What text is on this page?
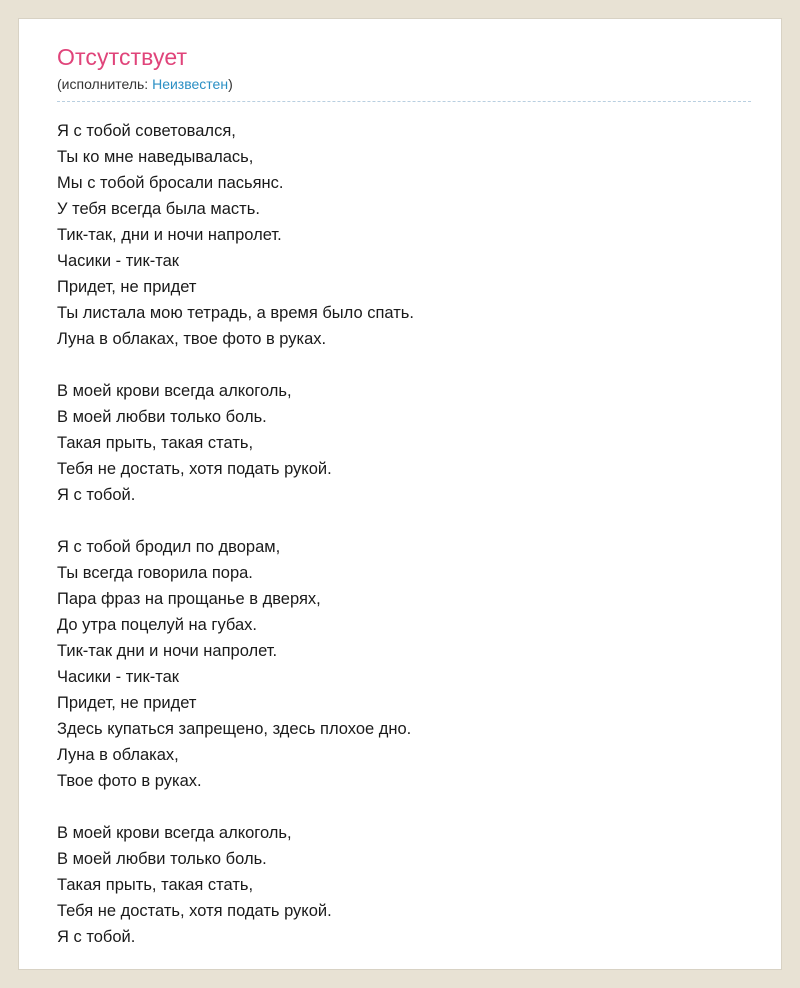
Отсутствует
(исполнитель: Неизвестен)

Я с тобой советовался,
Ты ко мне наведывалась,
Мы с тобой бросали пасьянс.
У тебя всегда была масть.
Тик-так, дни и ночи напролет.
Часики - тик-так
Придет, не придет
Ты листала мою тетрадь, а время было спать.
Луна в облаках, твое фото в руках.

В моей крови всегда алкоголь,
В моей любви только боль.
Такая прыть, такая стать,
Тебя не достать, хотя подать рукой.
Я с тобой.

Я с тобой бродил по дворам,
Ты всегда говорила пора.
Пара фраз на прощанье в дверях,
До утра поцелуй на губах.
Тик-так дни и ночи напролет.
Часики - тик-так
Придет, не придет
Здесь купаться запрещено, здесь плохое дно.
Луна в облаках,
Твое фото в руках.

В моей крови всегда алкоголь,
В моей любви только боль.
Такая прыть, такая стать,
Тебя не достать, хотя подать рукой.
Я с тобой.
